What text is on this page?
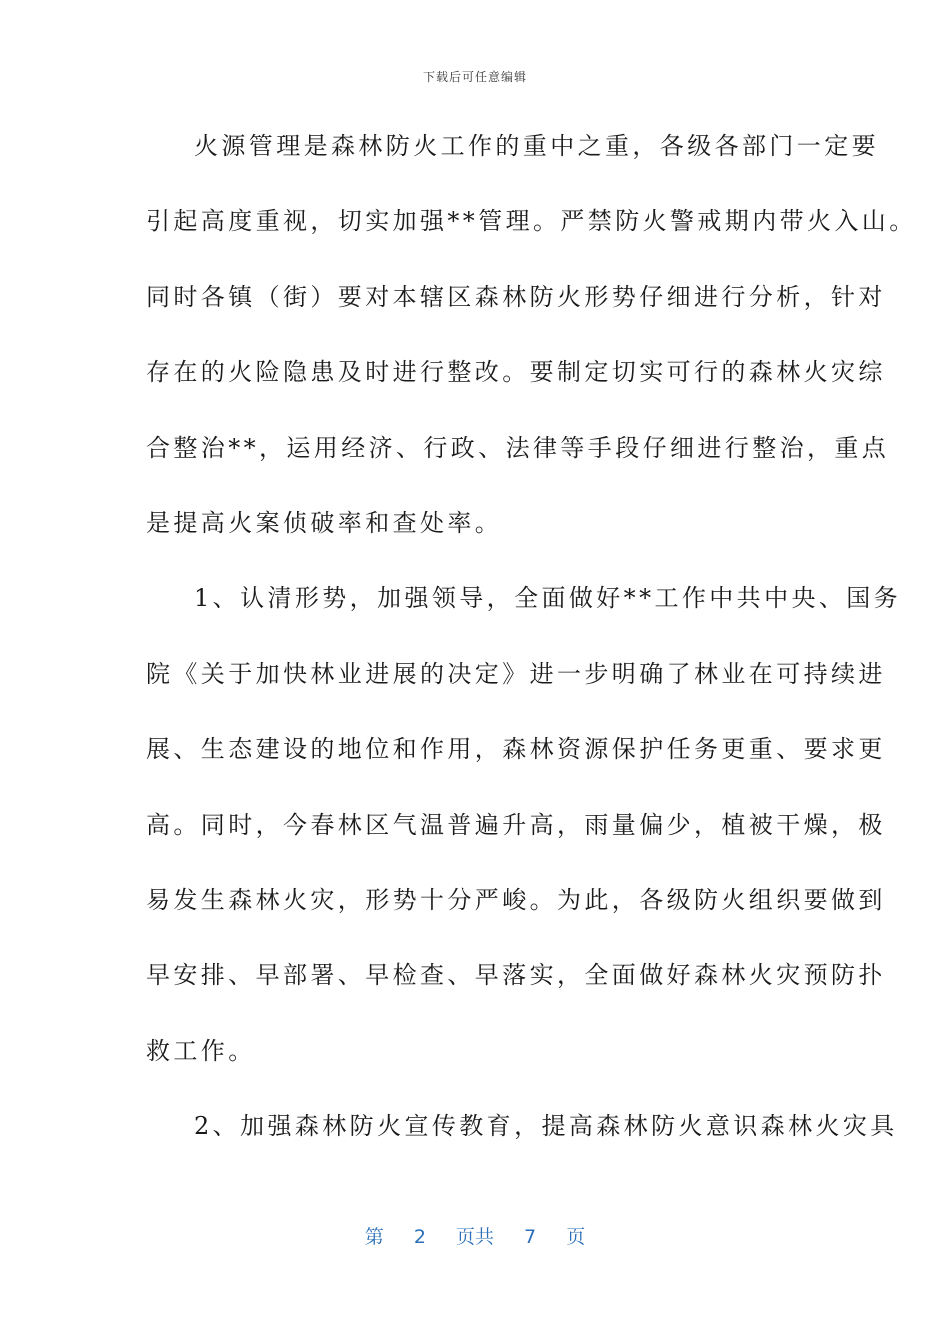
下载后可任意编辑
火源管理是森林防火工作的重中之重，各级各部门一定要
引起高度重视，切实加强**管理。严禁防火警戒期内带火入山。
同时各镇（街）要对本辖区森林防火形势仔细进行分析，针对
存在的火险隐患及时进行整改。要制定切实可行的森林火灾综
合整治**，运用经济、行政、法律等手段仔细进行整治，重点
是提高火案侦破率和查处率。
1、认清形势，加强领导，全面做好**工作中共中央、国务
院《关于加快林业进展的决定》进一步明确了林业在可持续进
展、生态建设的地位和作用，森林资源保护任务更重、要求更
高。同时，今春林区气温普遍升高，雨量偏少，植被干燥，极
易发生森林火灾，形势十分严峻。为此，各级防火组织要做到
早安排、早部署、早检查、早落实，全面做好森林火灾预防扑
救工作。
2、加强森林防火宣传教育，提高森林防火意识森林火灾具
第 2 页共 7 页
